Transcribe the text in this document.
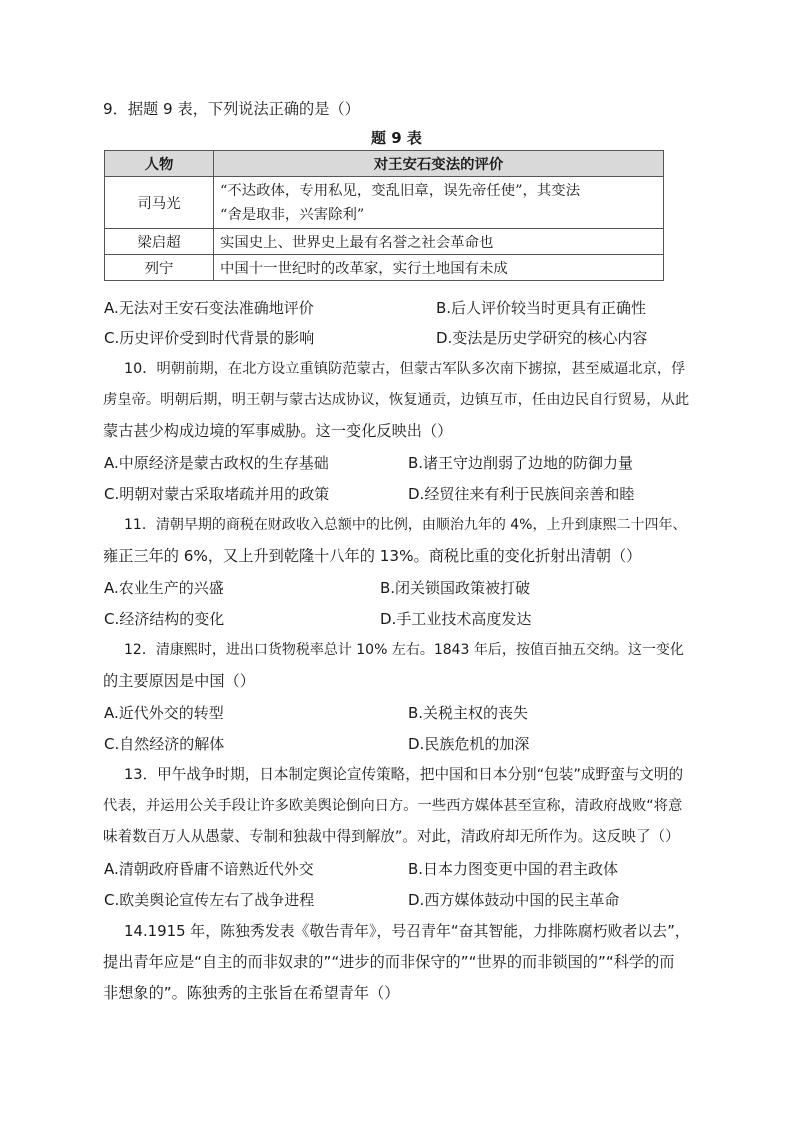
9．据题 9 表，下列说法正确的是（）
题 9 表
人物	对王安石变法的评价
司马光	“不达政体，专用私见，变乱旧章，误先帝任使”，其变法
“舍是取非，兴害除利”

梁启超	实国史上、世界史上最有名誉之社会革命也
列宁	中国十一世纪时的改革家，实行土地国有未成
A.无法对王安石变法准确地评价	B.后人评价较当时更具有正确性
C.历史评价受到时代背景的影响	D.变法是历史学研究的核心内容
10．明朝前期，在北方设立重镇防范蒙古，但蒙古军队多次南下掳掠，甚至威逼北京，俘
虏皇帝。明朝后期，明王朝与蒙古达成协议，恢复通贡，边镇互市，任由边民自行贸易，从此
蒙古甚少构成边境的军事威胁。这一变化反映出（）
A.中原经济是蒙古政权的生存基础	B.诸王守边削弱了边地的防御力量
C.明朝对蒙古采取堵疏并用的政策	D.经贸往来有利于民族间亲善和睦
11．清朝早期的商税在财政收入总额中的比例，由顺治九年的 4%，上升到康熙二十四年、
雍正三年的 6%，又上升到乾隆十八年的 13%。商税比重的变化折射出清朝（）
A.农业生产的兴盛	B.闭关锁国政策被打破
C.经济结构的变化	D.手工业技术高度发达
12．清康熙时，进出口货物税率总计 10% 左右。1843 年后，按值百抽五交纳。这一变化
的主要原因是中国（）
A.近代外交的转型	B.关税主权的丧失
C.自然经济的解体	D.民族危机的加深
13．甲午战争时期，日本制定舆论宣传策略，把中国和日本分别“包装”成野蛮与文明的
代表，并运用公关手段让许多欧美舆论倒向日方。一些西方媒体甚至宣称，清政府战败“将意
味着数百万人从愚蒙、专制和独裁中得到解放”。对此，清政府却无所作为。这反映了（）
A.清朝政府昏庸不谙熟近代外交	B.日本力图变更中国的君主政体
C.欧美舆论宣传左右了战争进程	D.西方媒体鼓动中国的民主革命
14.1915 年，陈独秀发表《敬告青年》，号召青年“奋其智能，力排陈腐朽败者以去”，
提出青年应是“自主的而非奴隶的”“进步的而非保守的”“世界的而非锁国的”“科学的而
非想象的”。陈独秀的主张旨在希望青年（）
